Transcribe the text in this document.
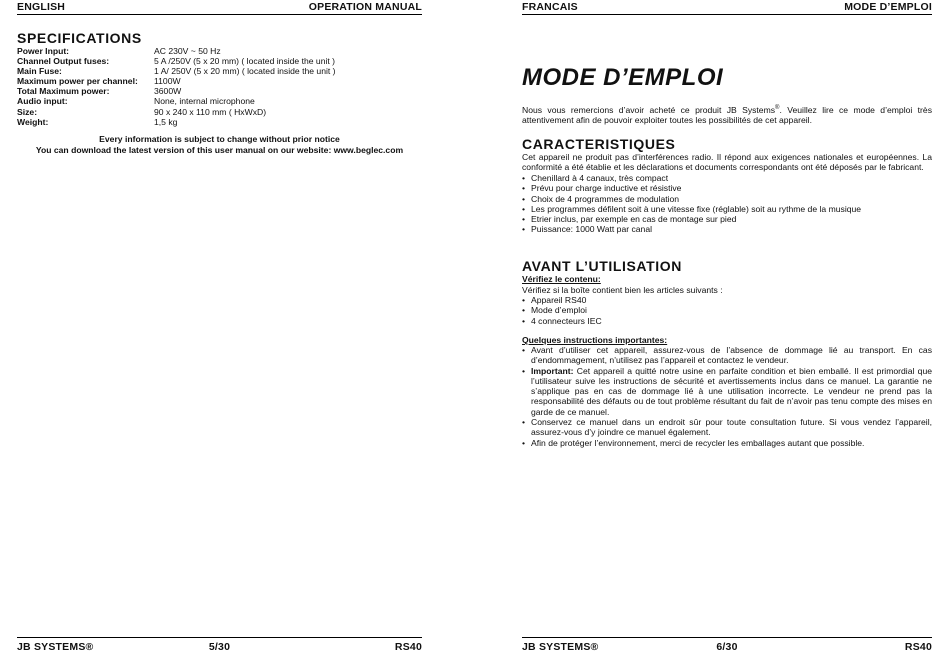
ENGLISH	OPERATION MANUAL
SPECIFICATIONS
Power Input:	AC 230V ~ 50 Hz
Channel Output fuses:	5 A /250V (5 x 20 mm) ( located inside the unit )
Main Fuse:	1 A/ 250V (5 x 20 mm) ( located inside the unit )
Maximum power per channel:	1100W
Total Maximum power:	3600W
Audio input:	None, internal microphone
Size:	90 x 240 x 110 mm ( HxWxD)
Weight:	1,5 kg
Every information is subject to change without prior notice
You can download the latest version of this user manual on our website: www.beglec.com
JB SYSTEMS®	5/30	RS40
FRANCAIS	MODE D’EMPLOI
MODE D’EMPLOI
Nous vous remercions d’avoir acheté ce produit JB Systems®. Veuillez lire ce mode d’emploi très attentivement afin de pouvoir exploiter toutes les possibilités de cet appareil.
CARACTERISTIQUES
Cet appareil ne produit pas d’interférences radio. Il répond aux exigences nationales et européennes. La conformité a été établie et les déclarations et documents correspondants ont été déposés par le fabricant.
• Chenillard à 4 canaux, très compact
• Prévu pour charge inductive et résistive
• Choix de 4 programmes de modulation
• Les programmes défilent soit à une vitesse fixe (réglable) soit au rythme de la musique
• Etrier inclus, par exemple en cas de montage sur pied
• Puissance: 1000 Watt par canal
AVANT L’UTILISATION
Vérifiez le contenu:
Vérifiez si la boîte contient bien les articles suivants :
• Appareil RS40
• Mode d’emploi
• 4 connecteurs IEC
Quelques instructions importantes:
• Avant d’utiliser cet appareil, assurez-vous de l’absence de dommage lié au transport. En cas d’endommagement, n’utilisez pas l’appareil et contactez le vendeur.
• Important: Cet appareil a quitté notre usine en parfaite condition et bien emballé. Il est primordial que l’utilisateur suive les instructions de sécurité et avertissements inclus dans ce manuel. La garantie ne s’applique pas en cas de dommage lié à une utilisation incorrecte. Le vendeur ne prend pas la responsabilité des défauts ou de tout problème résultant du fait de n’avoir pas tenu compte des mises en garde de ce manuel.
• Conservez ce manuel dans un endroit sûr pour toute consultation future. Si vous vendez l’appareil, assurez-vous d’y joindre ce manuel également.
• Afin de protéger l’environnement, merci de recycler les emballages autant que possible.
JB SYSTEMS®	6/30	RS40
